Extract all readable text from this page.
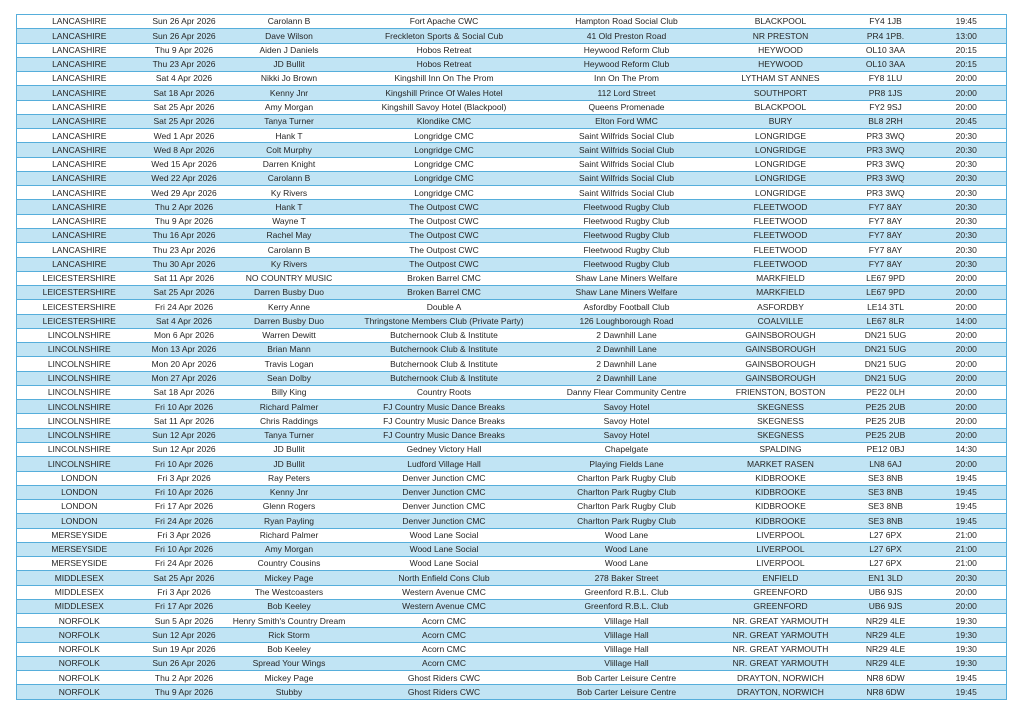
LANCASHIRE	Sun 26 Apr 2026	Carolann B	Fort Apache CWC	Hampton Road Social Club	BLACKPOOL	FY4 1JB	19:45
LANCASHIRE	Sun 26 Apr 2026	Dave Wilson	Freckleton Sports & Social Cub	41 Old Preston Road	NR PRESTON	PR4 1PB.	13:00
LANCASHIRE	Thu 9 Apr 2026	Aiden J Daniels	Hobos Retreat	Heywood Reform Club	HEYWOOD	OL10 3AA	20:15
LANCASHIRE	Thu 23 Apr 2026	JD Bullit	Hobos Retreat	Heywood Reform Club	HEYWOOD	OL10 3AA	20:15
LANCASHIRE	Sat 4 Apr 2026	Nikki Jo Brown	Kingshill Inn On The Prom	Inn On The Prom	LYTHAM ST ANNES	FY8 1LU	20:00
LANCASHIRE	Sat 18 Apr 2026	Kenny Jnr	Kingshill Prince Of Wales Hotel	112 Lord Street	SOUTHPORT	PR8 1JS	20:00
LANCASHIRE	Sat 25 Apr 2026	Amy Morgan	Kingshill Savoy Hotel (Blackpool)	Queens Promenade	BLACKPOOL	FY2 9SJ	20:00
LANCASHIRE	Sat 25 Apr 2026	Tanya Turner	Klondike CMC	Elton Ford WMC	BURY	BL8 2RH	20:45
LANCASHIRE	Wed 1 Apr 2026	Hank T	Longridge CMC	Saint Wilfrids Social Club	LONGRIDGE	PR3 3WQ	20:30
LANCASHIRE	Wed 8 Apr 2026	Colt Murphy	Longridge CMC	Saint Wilfrids Social Club	LONGRIDGE	PR3 3WQ	20:30
LANCASHIRE	Wed 15 Apr 2026	Darren Knight	Longridge CMC	Saint Wilfrids Social Club	LONGRIDGE	PR3 3WQ	20:30
LANCASHIRE	Wed 22 Apr 2026	Carolann B	Longridge CMC	Saint Wilfrids Social Club	LONGRIDGE	PR3 3WQ	20:30
LANCASHIRE	Wed 29 Apr 2026	Ky Rivers	Longridge CMC	Saint Wilfrids Social Club	LONGRIDGE	PR3 3WQ	20:30
LANCASHIRE	Thu 2 Apr 2026	Hank T	The Outpost CWC	Fleetwood Rugby Club	FLEETWOOD	FY7 8AY	20:30
LANCASHIRE	Thu 9 Apr 2026	Wayne T	The Outpost CWC	Fleetwood Rugby Club	FLEETWOOD	FY7 8AY	20:30
LANCASHIRE	Thu 16 Apr 2026	Rachel May	The Outpost CWC	Fleetwood Rugby Club	FLEETWOOD	FY7 8AY	20:30
LANCASHIRE	Thu 23 Apr 2026	Carolann B	The Outpost CWC	Fleetwood Rugby Club	FLEETWOOD	FY7 8AY	20:30
LANCASHIRE	Thu 30 Apr 2026	Ky Rivers	The Outpost CWC	Fleetwood Rugby Club	FLEETWOOD	FY7 8AY	20:30
LEICESTERSHIRE	Sat 11 Apr 2026	NO COUNTRY MUSIC	Broken Barrel CMC	Shaw Lane Miners Welfare	MARKFIELD	LE67 9PD	20:00
LEICESTERSHIRE	Sat 25 Apr 2026	Darren Busby Duo	Broken Barrel CMC	Shaw Lane Miners Welfare	MARKFIELD	LE67 9PD	20:00
LEICESTERSHIRE	Fri 24 Apr 2026	Kerry Anne	Double A	Asfordby Football Club	ASFORDBY	LE14 3TL	20:00
LEICESTERSHIRE	Sat 4 Apr 2026	Darren Busby Duo	Thringstone Members Club (Private Party)	126 Loughborough Road	COALVILLE	LE67 8LR	14:00
LINCOLNSHIRE	Mon 6 Apr 2026	Warren Dewitt	Butchernook Club & Institute	2 Dawnhill Lane	GAINSBOROUGH	DN21 5UG	20:00
LINCOLNSHIRE	Mon 13 Apr 2026	Brian Mann	Butchernook Club & Institute	2 Dawnhill Lane	GAINSBOROUGH	DN21 5UG	20:00
LINCOLNSHIRE	Mon 20 Apr 2026	Travis Logan	Butchernook Club & Institute	2 Dawnhill Lane	GAINSBOROUGH	DN21 5UG	20:00
LINCOLNSHIRE	Mon 27 Apr 2026	Sean Dolby	Butchernook Club & Institute	2 Dawnhill Lane	GAINSBOROUGH	DN21 5UG	20:00
LINCOLNSHIRE	Sat 18 Apr 2026	Billy King	Country Roots	Danny Flear Community Centre	FRIENSTON, BOSTON	PE22 0LH	20:00
LINCOLNSHIRE	Fri 10 Apr 2026	Richard Palmer	FJ Country Music Dance Breaks	Savoy Hotel	SKEGNESS	PE25 2UB	20:00
LINCOLNSHIRE	Sat 11 Apr 2026	Chris Raddings	FJ Country Music Dance Breaks	Savoy Hotel	SKEGNESS	PE25 2UB	20:00
LINCOLNSHIRE	Sun 12 Apr 2026	Tanya Turner	FJ Country Music Dance Breaks	Savoy Hotel	SKEGNESS	PE25 2UB	20:00
LINCOLNSHIRE	Sun 12 Apr 2026	JD Bullit	Gedney Victory Hall	Chapelgate	SPALDING	PE12 0BJ	14:30
LINCOLNSHIRE	Fri 10 Apr 2026	JD Bullit	Ludford Village Hall	Playing Fields Lane	MARKET RASEN	LN8 6AJ	20:00
LONDON	Fri 3 Apr 2026	Ray Peters	Denver Junction CMC	Charlton Park Rugby Club	KIDBROOKE	SE3 8NB	19:45
LONDON	Fri 10 Apr 2026	Kenny Jnr	Denver Junction CMC	Charlton Park Rugby Club	KIDBROOKE	SE3 8NB	19:45
LONDON	Fri 17 Apr 2026	Glenn Rogers	Denver Junction CMC	Charlton Park Rugby Club	KIDBROOKE	SE3 8NB	19:45
LONDON	Fri 24 Apr 2026	Ryan Payling	Denver Junction CMC	Charlton Park Rugby Club	KIDBROOKE	SE3 8NB	19:45
MERSEYSIDE	Fri 3 Apr 2026	Richard Palmer	Wood Lane Social	Wood Lane	LIVERPOOL	L27 6PX	21:00
MERSEYSIDE	Fri 10 Apr 2026	Amy Morgan	Wood Lane Social	Wood Lane	LIVERPOOL	L27 6PX	21:00
MERSEYSIDE	Fri 24 Apr 2026	Country Cousins	Wood Lane Social	Wood Lane	LIVERPOOL	L27 6PX	21:00
MIDDLESEX	Sat 25 Apr 2026	Mickey Page	North Enfield Cons Club	278 Baker Street	ENFIELD	EN1 3LD	20:30
MIDDLESEX	Fri 3 Apr 2026	The Westcoasters	Western Avenue CMC	Greenford R.B.L. Club	GREENFORD	UB6 9JS	20:00
MIDDLESEX	Fri 17 Apr 2026	Bob Keeley	Western Avenue CMC	Greenford R.B.L. Club	GREENFORD	UB6 9JS	20:00
NORFOLK	Sun 5 Apr 2026	Henry Smith's Country Dream	Acorn CMC	Vlillage Hall	NR. GREAT YARMOUTH	NR29 4LE	19:30
NORFOLK	Sun 12 Apr 2026	Rick Storm	Acorn CMC	Vlillage Hall	NR. GREAT YARMOUTH	NR29 4LE	19:30
NORFOLK	Sun 19 Apr 2026	Bob Keeley	Acorn CMC	Vlillage Hall	NR. GREAT YARMOUTH	NR29 4LE	19:30
NORFOLK	Sun 26 Apr 2026	Spread Your Wings	Acorn CMC	Vlillage Hall	NR. GREAT YARMOUTH	NR29 4LE	19:30
NORFOLK	Thu 2 Apr 2026	Mickey Page	Ghost Riders CWC	Bob Carter Leisure Centre	DRAYTON, NORWICH	NR8 6DW	19:45
NORFOLK	Thu 9 Apr 2026	Stubby	Ghost Riders CWC	Bob Carter Leisure Centre	DRAYTON, NORWICH	NR8 6DW	19:45
